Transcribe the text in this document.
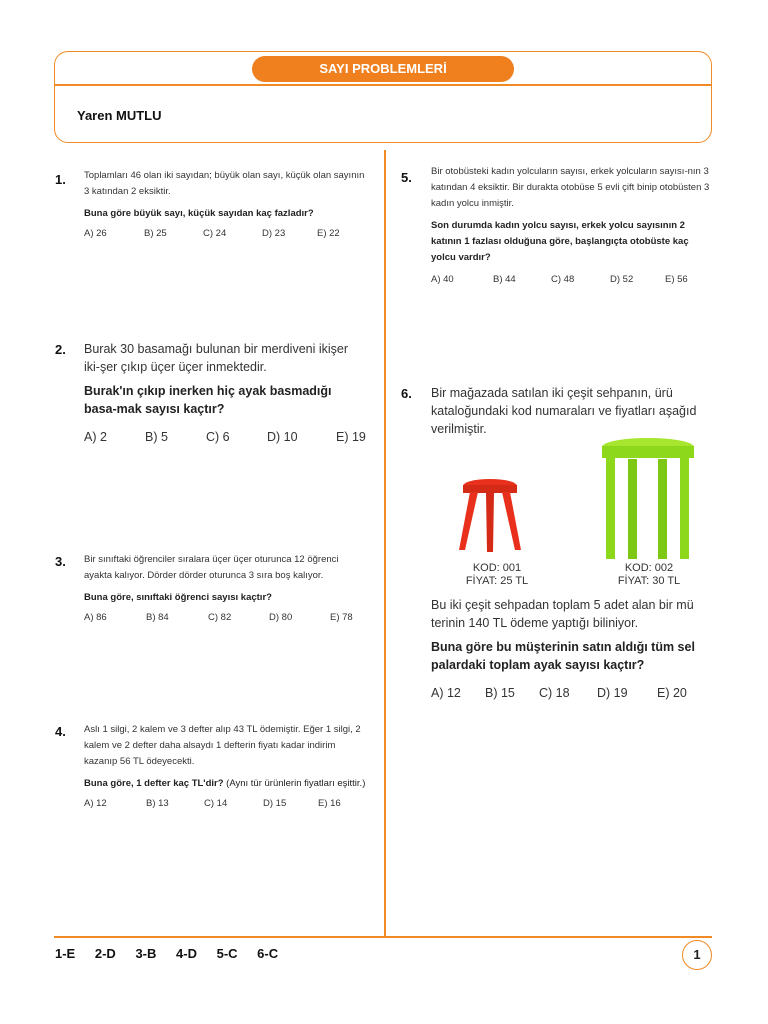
SAYI PROBLEMLERİ
Yaren MUTLU
1. Toplamları 46 olan iki sayıdan; büyük olan sayı, küçük olan sayının 3 katından 2 eksiktir.
Buna göre büyük sayı, küçük sayıdan kaç fazladır?
A) 26	B) 25	C) 24	D) 23	E) 22
2. Burak 30 basamağı bulunan bir merdiveni ikişer iki-şer çıkıp üçer üçer inmektedir.
Burak'ın çıkıp inerken hiç ayak basmadığı basa-mak sayısı kaçtır?
A) 2	B) 5	C) 6	D) 10	E) 19
3. Bir sınıftaki öğrenciler sıralara üçer üçer oturunca 12 öğrenci ayakta kalıyor. Dörder dörder oturunca 3 sıra boş kalıyor.
Buna göre, sınıftaki öğrenci sayısı kaçtır?
A) 86	B) 84	C) 82	D) 80	E) 78
4. Aslı 1 silgi, 2 kalem ve 3 defter alıp 43 TL ödemiştir. Eğer 1 silgi, 2 kalem ve 2 defter daha alsaydı 1 defterin fiyatı kadar indirim kazanıp 56 TL ödeyecekti.
Buna göre, 1 defter kaç TL'dir? (Aynı tür ürünlerin fiyatları eşittir.)
A) 12	B) 13	C) 14	D) 15	E) 16
5. Bir otobüsteki kadın yolcuların sayısı, erkek yolcuların sayısı-nın 3 katından 4 eksiktir. Bir durakta otobüse 5 evli çift binip otobüsten 3 kadın yolcu inmiştir.
Son durumda kadın yolcu sayısı, erkek yolcu sayısının 2 katının 1 fazlası olduğuna göre, başlangıçta otobüste kaç yolcu vardır?
A) 40	B) 44	C) 48	D) 52	E) 56
6. Bir mağazada satılan iki çeşit sehpanın, ürü kataloğundaki kod numaraları ve fiyatları aşağıd verilmiştir.
KOD: 001
FİYAT: 25 TL
KOD: 002
FİYAT: 30 TL
Bu iki çeşit sehpadan toplam 5 adet alan bir mü terinin 140 TL ödeme yaptığı biliniyor.
Buna göre bu müşterinin satın aldığı tüm sel palardaki toplam ayak sayısı kaçtır?
A) 12	B) 15	C) 18	D) 19	E) 20
1-E 2-D 3-B 4-D 5-C 6-C	1
